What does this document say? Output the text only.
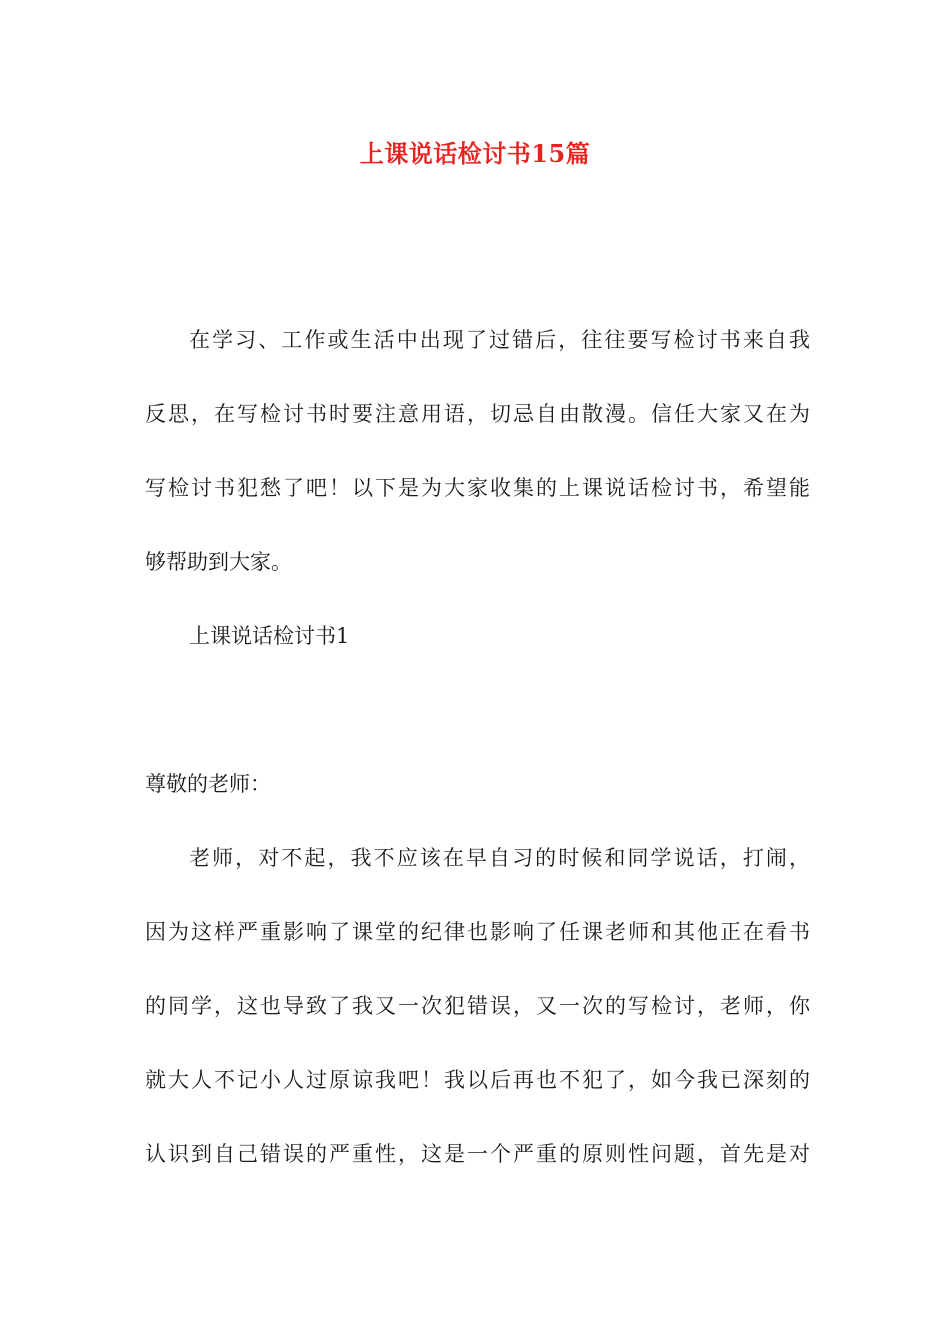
上课说话检讨书15篇
在学习、工作或生活中出现了过错后，往往要写检讨书来自我
反思，在写检讨书时要注意用语，切忌自由散漫。信任大家又在为
写检讨书犯愁了吧！以下是为大家收集的上课说话检讨书，希望能
够帮助到大家。
上课说话检讨书1
尊敬的老师：
老师，对不起，我不应该在早自习的时候和同学说话，打闹，
因为这样严重影响了课堂的纪律也影响了任课老师和其他正在看书
的同学，这也导致了我又一次犯错误，又一次的写检讨，老师，你
就大人不记小人过原谅我吧！我以后再也不犯了，如今我已深刻的
认识到自己错误的严重性，这是一个严重的原则性问题，首先是对
